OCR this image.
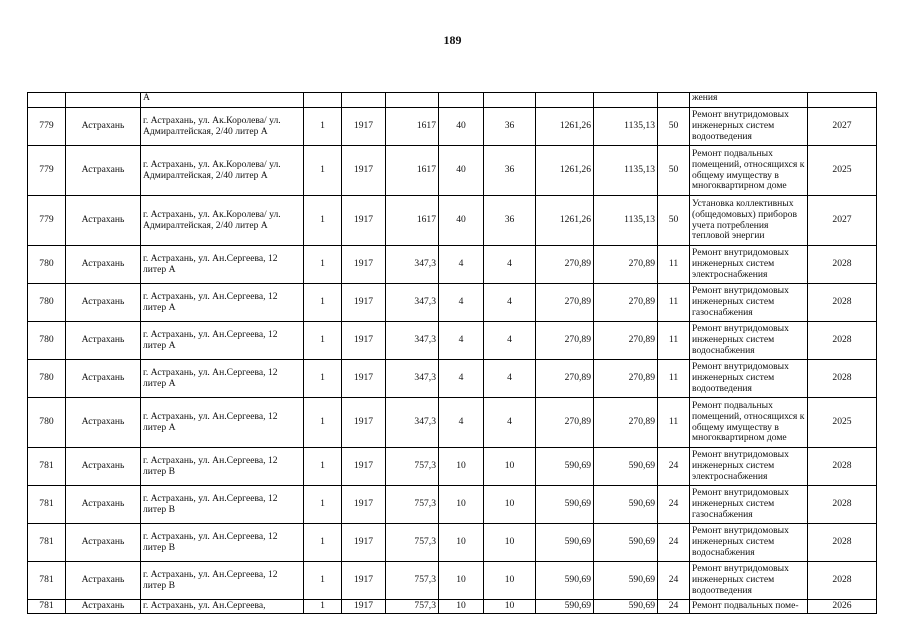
189
		А									жения	
779	Астрахань	г. Астрахань, ул. Ак.Королева/ ул. Адмиралтейская, 2/40 литер А	1	1917	1617	40	36	1261,26	1135,13	50	Ремонт внутридомовых инженерных систем водоотведения	2027
779	Астрахань	г. Астрахань, ул. Ак.Королева/ ул. Адмиралтейская, 2/40 литер А	1	1917	1617	40	36	1261,26	1135,13	50	Ремонт подвальных помещений, относящихся к общему имуществу в многоквартирном доме	2025
779	Астрахань	г. Астрахань, ул. Ак.Королева/ ул. Адмиралтейская, 2/40 литер А	1	1917	1617	40	36	1261,26	1135,13	50	Установка коллективных (общедомовых) приборов учета потребления тепловой энергии	2027
780	Астрахань	г. Астрахань, ул. Ан.Сергеева, 12 литер А	1	1917	347,3	4	4	270,89	270,89	11	Ремонт внутридомовых инженерных систем электроснабжения	2028
780	Астрахань	г. Астрахань, ул. Ан.Сергеева, 12 литер А	1	1917	347,3	4	4	270,89	270,89	11	Ремонт внутридомовых инженерных систем газоснабжения	2028
780	Астрахань	г. Астрахань, ул. Ан.Сергеева, 12 литер А	1	1917	347,3	4	4	270,89	270,89	11	Ремонт внутридомовых инженерных систем водоснабжения	2028
780	Астрахань	г. Астрахань, ул. Ан.Сергеева, 12 литер А	1	1917	347,3	4	4	270,89	270,89	11	Ремонт внутридомовых инженерных систем водоотведения	2028
780	Астрахань	г. Астрахань, ул. Ан.Сергеева, 12 литер А	1	1917	347,3	4	4	270,89	270,89	11	Ремонт подвальных помещений, относящихся к общему имуществу в многоквартирном доме	2025
781	Астрахань	г. Астрахань, ул. Ан.Сергеева, 12 литер В	1	1917	757,3	10	10	590,69	590,69	24	Ремонт внутридомовых инженерных систем электроснабжения	2028
781	Астрахань	г. Астрахань, ул. Ан.Сергеева, 12 литер В	1	1917	757,3	10	10	590,69	590,69	24	Ремонт внутридомовых инженерных систем газоснабжения	2028
781	Астрахань	г. Астрахань, ул. Ан.Сергеева, 12 литер В	1	1917	757,3	10	10	590,69	590,69	24	Ремонт внутридомовых инженерных систем водоснабжения	2028
781	Астрахань	г. Астрахань, ул. Ан.Сергеева, 12 литер В	1	1917	757,3	10	10	590,69	590,69	24	Ремонт внутридомовых инженерных систем водоотведения	2028
781	Астрахань	г. Астрахань, ул. Ан.Сергеева,	1	1917	757,3	10	10	590,69	590,69	24	Ремонт подвальных поме-	2026
